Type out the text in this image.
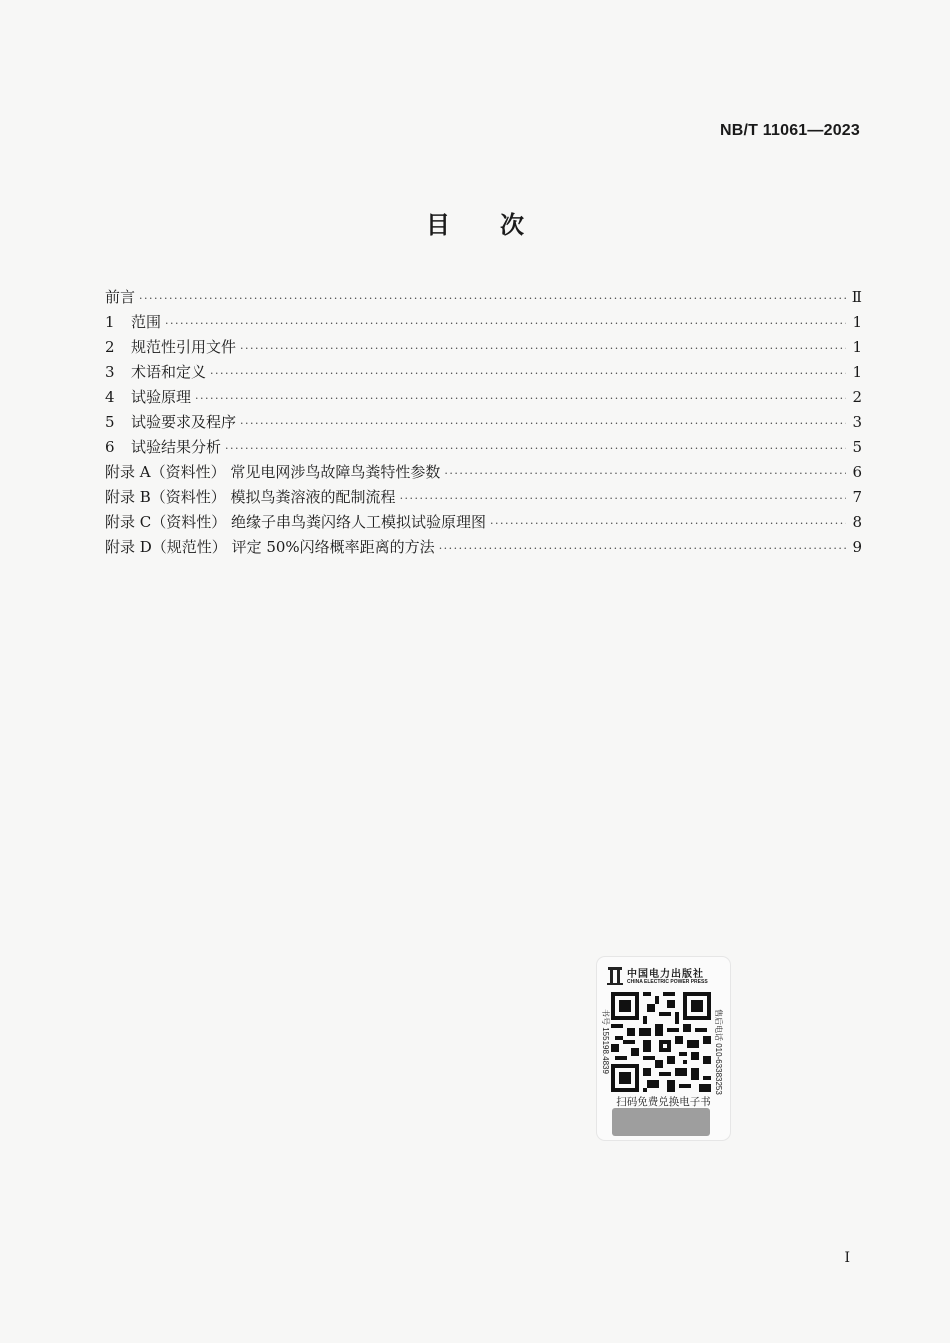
NB/T 11061—2023
目次
前言 ·····	Ⅱ
1	范围 ·····	1
2	规范性引用文件 ·····	1
3	术语和定义 ·····	1
4	试验原理 ·····	2
5	试验要求及程序 ·····	3
6	试验结果分析 ·····	5
附录 A（资料性） 常见电网涉鸟故障鸟粪特性参数 ·····	6
附录 B（资料性） 模拟鸟粪溶液的配制流程 ·····	7
附录 C（资料性） 绝缘子串鸟粪闪络人工模拟试验原理图 ·····	8
附录 D（规范性） 评定 50%闪络概率距离的方法 ·····	9
中国电力出版社
CHINA ELECTRIC POWER PRESS
书号 155198.4839	售后电话 010-63383253
扫码免费兑换电子书
I
